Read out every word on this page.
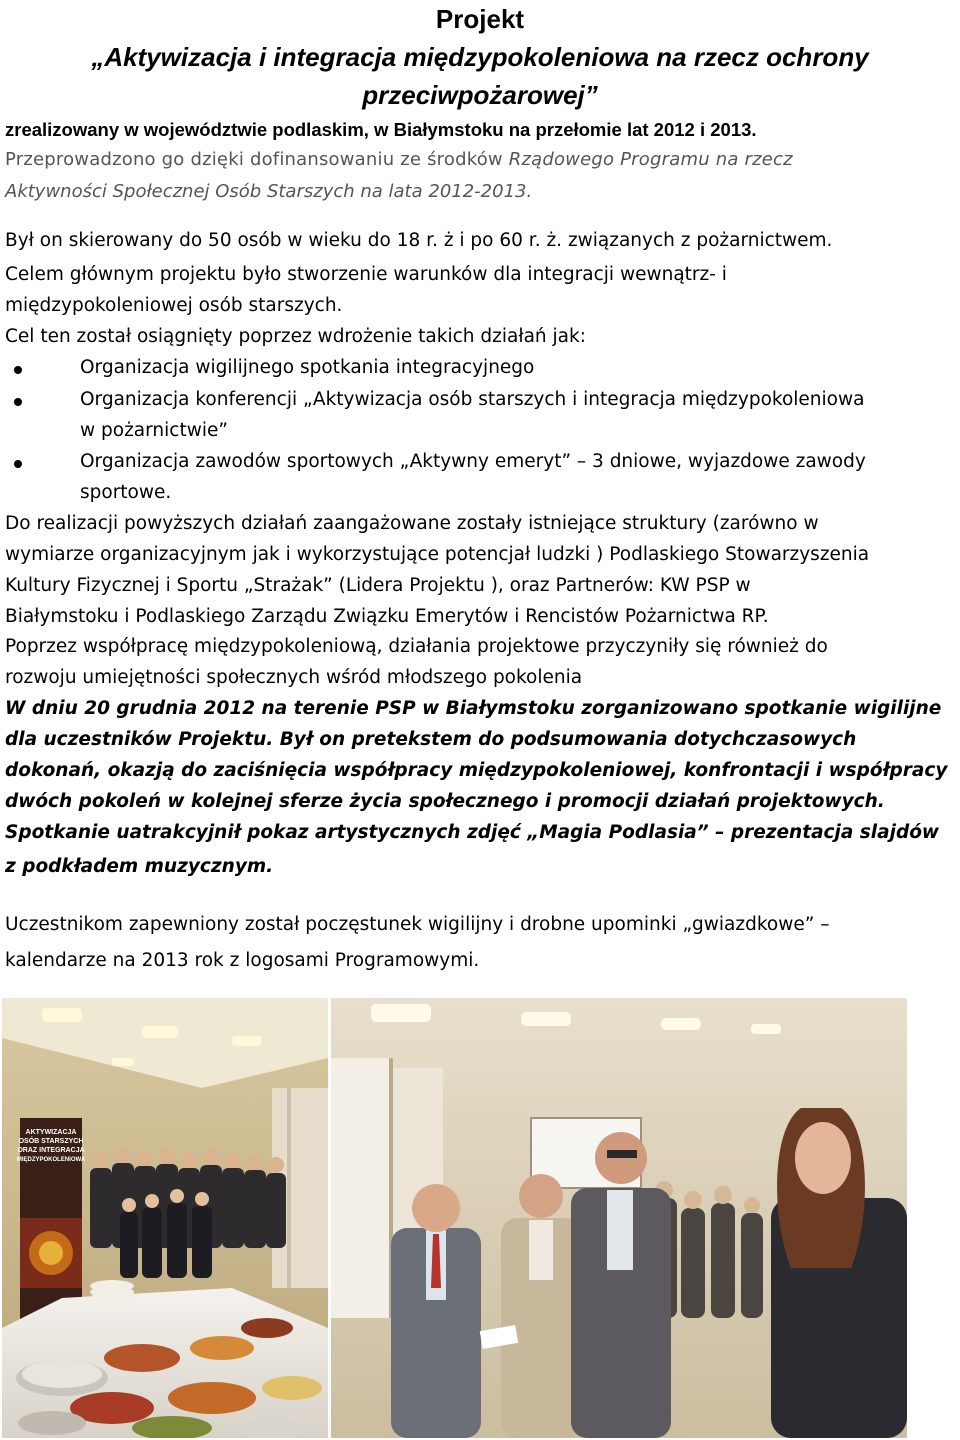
Projekt
„Aktywizacja i integracja międzypokoleniowa na rzecz ochrony
przeciwpożarowej”
zrealizowany w województwie podlaskim, w Białymstoku na przełomie lat 2012 i 2013.
Przeprowadzono go dzięki dofinansowaniu ze środków Rządowego Programu na rzecz
Aktywności Społecznej Osób Starszych na lata 2012-2013.
Był on skierowany do 50 osób w wieku do 18 r. ż i po 60 r. ż. związanych z pożarnictwem.
Celem głównym projektu było stworzenie warunków dla integracji wewnątrz- i
międzypokoleniowej osób starszych.
Cel ten został osiągnięty poprzez wdrożenie takich działań jak:
Organizacja wigilijnego spotkania integracyjnego
Organizacja konferencji „Aktywizacja osób starszych i integracja międzypokoleniowa
w pożarnictwie”
Organizacja zawodów sportowych „Aktywny emeryt” – 3 dniowe, wyjazdowe zawody
sportowe.
Do realizacji powyższych działań zaangażowane zostały istniejące struktury (zarówno w
wymiarze organizacyjnym jak i wykorzystujące potencjał ludzki ) Podlaskiego Stowarzyszenia
Kultury Fizycznej i Sportu „Strażak” (Lidera Projektu ), oraz Partnerów: KW PSP w
Białymstoku i Podlaskiego Zarządu Związku Emerytów i Rencistów Pożarnictwa RP.
Poprzez współpracę międzypokoleniową, działania projektowe przyczyniły się również do
rozwoju umiejętności społecznych wśród młodszego pokolenia
W dniu 20 grudnia 2012 na terenie PSP w Białymstoku zorganizowano spotkanie wigilijne
dla uczestników Projektu. Był on pretekstem do podsumowania dotychczasowych
dokonań, okazją do zaciśnięcia współpracy międzypokoleniowej, konfrontacji i współpracy
dwóch pokoleń w kolejnej sferze życia społecznego i promocji działań projektowych.
Spotkanie uatrakcyjnił pokaz artystycznych zdjęć „Magia Podlasia” – prezentacja slajdów
z podkładem muzycznym.
Uczestnikom zapewniony został poczęstunek wigilijny i drobne upominki „gwiazdkowe” –
kalendarze na 2013 rok z logosami Programowymi.
AKTYWIZACJA
OSÓB STARSZYCH
ORAZ INTEGRACJA
MIĘDZYPOKOLENIOWA
